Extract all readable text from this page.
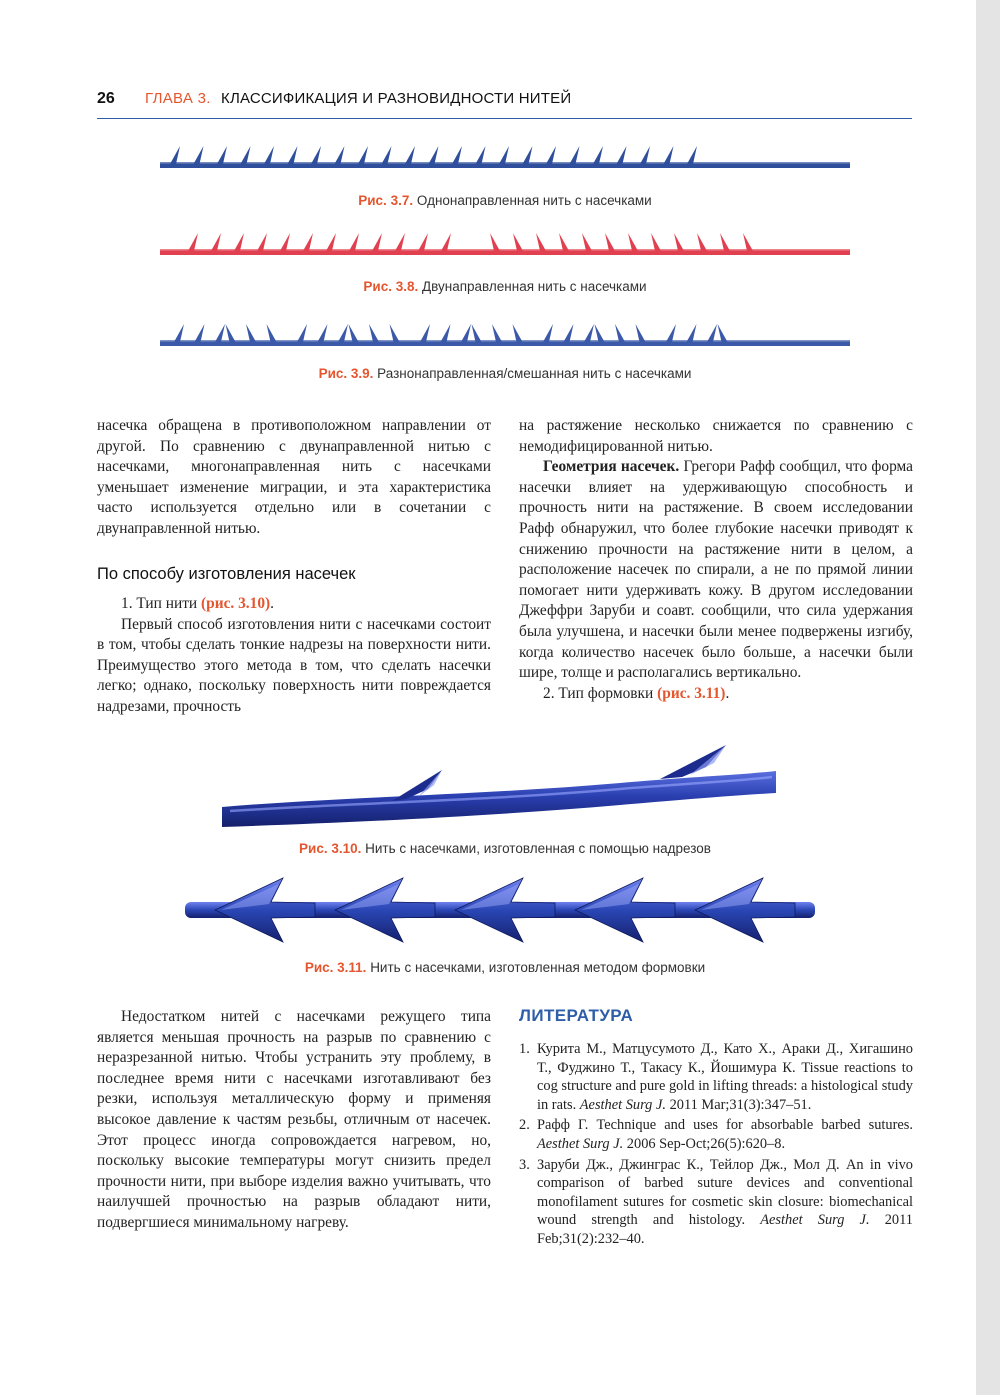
26 ГЛАВА 3. КЛАССИФИКАЦИЯ И РАЗНОВИДНОСТИ НИТЕЙ
Рис. 3.7. Однонаправленная нить с насечками
Рис. 3.8. Двунаправленная нить с насечками
Рис. 3.9. Разнонаправленная/смешанная нить с насечками

насечка обращена в противоположном направлении от другой. По сравнению с двунаправленной нитью с насечками, многонаправленная нить с насечками уменьшает изменение миграции, и эта характеристика часто используется отдельно или в сочетании с двунаправленной нитью.

По способу изготовления насечек

1. Тип нити (рис. 3.10).

Первый способ изготовления нити с насечками состоит в том, чтобы сделать тонкие надрезы на поверхности нити. Преимущество этого метода в том, что сделать насечки легко; однако, поскольку поверхность нити повреждается надрезами, прочность

на растяжение несколько снижается по сравнению с немодифицированной нитью.

Геометрия насечек. Грегори Рафф сообщил, что форма насечки влияет на удерживающую способность и прочность нити на растяжение. В своем исследовании Рафф обнаружил, что более глубокие насечки приводят к снижению прочности на растяжение нити в целом, а расположение насечек по спирали, а не по прямой линии помогает нити удерживать кожу. В другом исследовании Джеффри Заруби и соавт. сообщили, что сила удержания была улучшена, и насечки были менее подвержены изгибу, когда количество насечек было больше, а насечки были шире, толще и располагались вертикально.

2. Тип формовки (рис. 3.11).

Рис. 3.10. Нить с насечками, изготовленная с помощью надрезов
Рис. 3.11. Нить с насечками, изготовленная методом формовки

Недостатком нитей с насечками режущего типа является меньшая прочность на разрыв по сравнению с неразрезанной нитью. Чтобы устранить эту проблему, в последнее время нити с насечками изготавливают без резки, используя металлическую форму и применяя высокое давление к частям резьбы, отличным от насечек. Этот процесс иногда сопровождается нагревом, но, поскольку высокие температуры могут снизить предел прочности нити, при выборе изделия важно учитывать, что наилучшей прочностью на разрыв обладают нити, подвергшиеся минимальному нагреву.

ЛИТЕРАТУРА
1. Курита М., Матцусумото Д., Като Х., Араки Д., Хигашино Т., Фуджино Т., Такасу К., Йошимура К. Tissue reactions to cog structure and pure gold in lifting threads: a histological study in rats. Aesthet Surg J. 2011 Mar;31(3):347–51.
2. Рафф Г. Technique and uses for absorbable barbed sutures. Aesthet Surg J. 2006 Sep-Oct;26(5):620–8.
3. Заруби Дж., Джинграс К., Тейлор Дж., Мол Д. An in vivo comparison of barbed suture devices and conventional monofilament sutures for cosmetic skin closure: biomechanical wound strength and histology. Aesthet Surg J. 2011 Feb;31(2):232–40.
